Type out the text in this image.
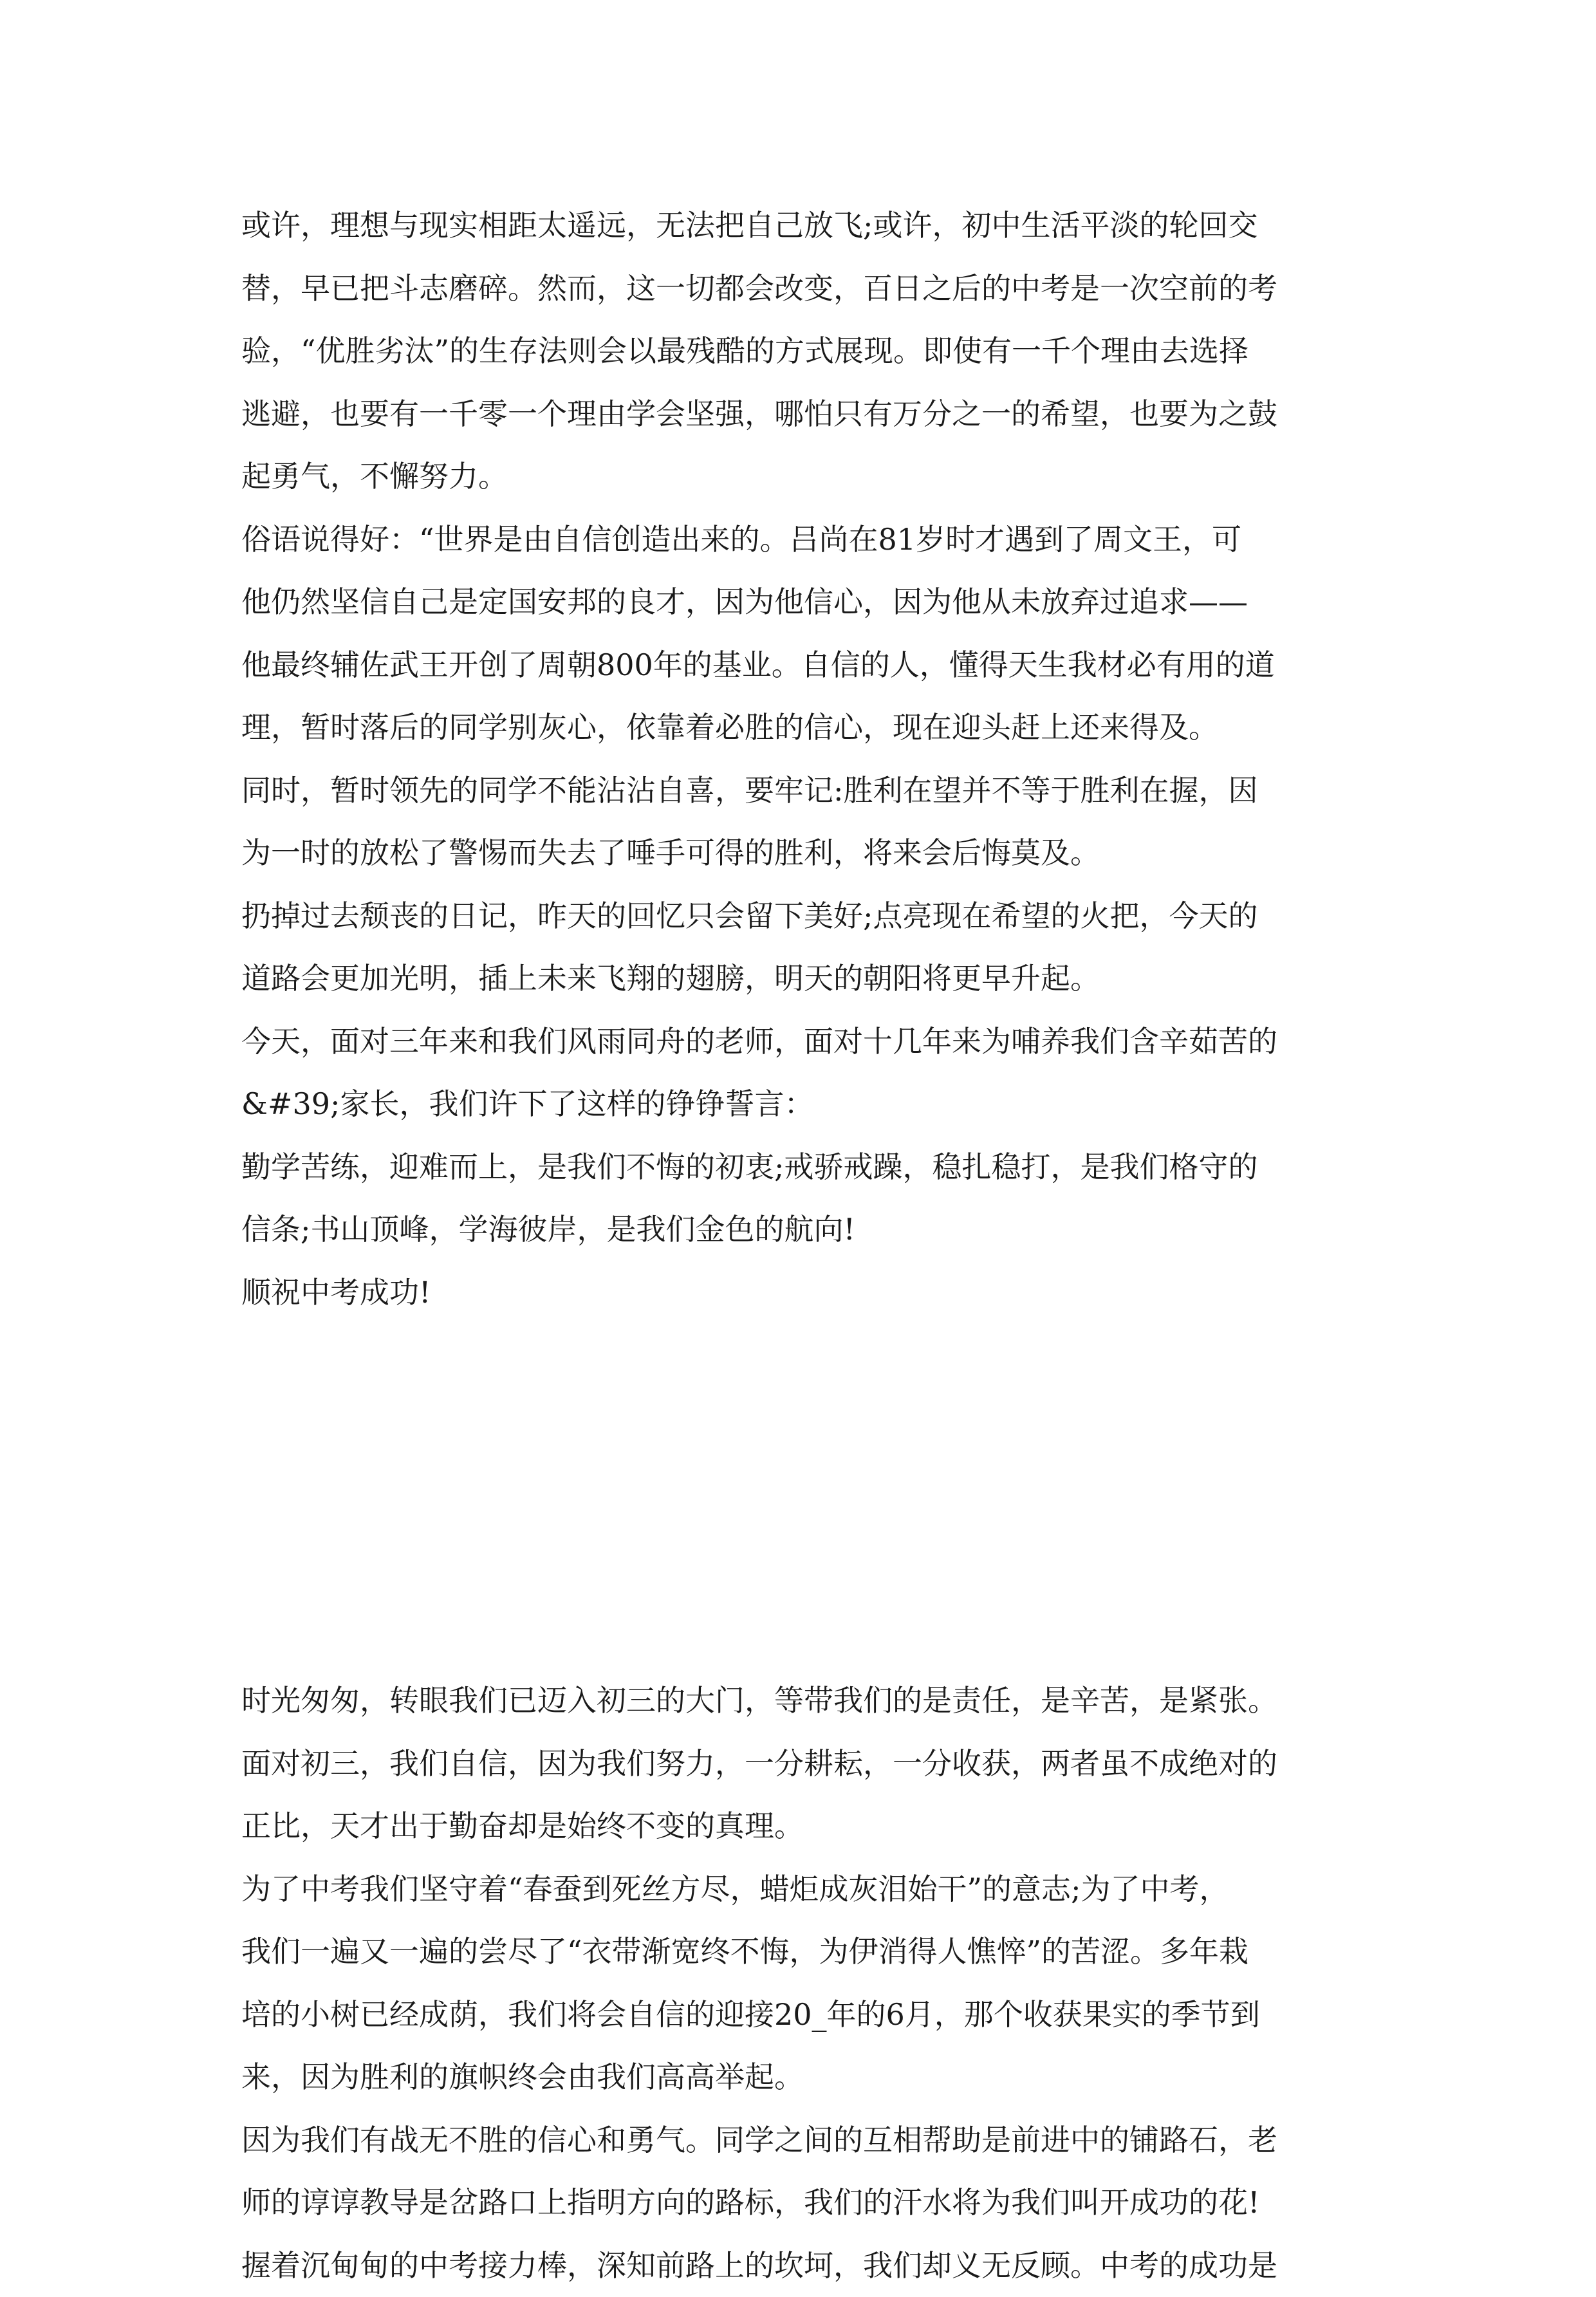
或许，理想与现实相距太遥远，无法把自己放飞;或许，初中生活平淡的轮回交
替，早已把斗志磨碎。然而，这一切都会改变，百日之后的中考是一次空前的考
验，“优胜劣汰”的生存法则会以最残酷的方式展现。即使有一千个理由去选择
逃避，也要有一千零一个理由学会坚强，哪怕只有万分之一的希望，也要为之鼓
起勇气，不懈努力。
俗语说得好：“世界是由自信创造出来的。吕尚在81岁时才遇到了周文王，可
他仍然坚信自己是定国安邦的良才，因为他信心，因为他从未放弃过追求——
他最终辅佐武王开创了周朝800年的基业。自信的人，懂得天生我材必有用的道
理，暂时落后的同学别灰心，依靠着必胜的信心，现在迎头赶上还来得及。
同时，暂时领先的同学不能沾沾自喜，要牢记:胜利在望并不等于胜利在握，因
为一时的放松了警惕而失去了唾手可得的胜利，将来会后悔莫及。
扔掉过去颓丧的日记，昨天的回忆只会留下美好;点亮现在希望的火把，今天的
道路会更加光明，插上未来飞翔的翅膀，明天的朝阳将更早升起。
今天，面对三年来和我们风雨同舟的老师，面对十几年来为哺养我们含辛茹苦的
&#39;家长，我们许下了这样的铮铮誓言：
勤学苦练，迎难而上，是我们不悔的初衷;戒骄戒躁，稳扎稳打，是我们格守的
信条;书山顶峰，学海彼岸，是我们金色的航向!
顺祝中考成功!
时光匆匆，转眼我们已迈入初三的大门，等带我们的是责任，是辛苦，是紧张。
面对初三，我们自信，因为我们努力，一分耕耘，一分收获，两者虽不成绝对的
正比，天才出于勤奋却是始终不变的真理。
为了中考我们坚守着“春蚕到死丝方尽，蜡炬成灰泪始干”的意志;为了中考，
我们一遍又一遍的尝尽了“衣带渐宽终不悔，为伊消得人憔悴”的苦涩。多年栽
培的小树已经成荫，我们将会自信的迎接20_年的6月，那个收获果实的季节到
来，因为胜利的旗帜终会由我们高高举起。
因为我们有战无不胜的信心和勇气。同学之间的互相帮助是前进中的铺路石，老
师的谆谆教导是岔路口上指明方向的路标，我们的汗水将为我们叫开成功的花!
握着沉甸甸的中考接力棒，深知前路上的坎坷，我们却义无反顾。中考的成功是
